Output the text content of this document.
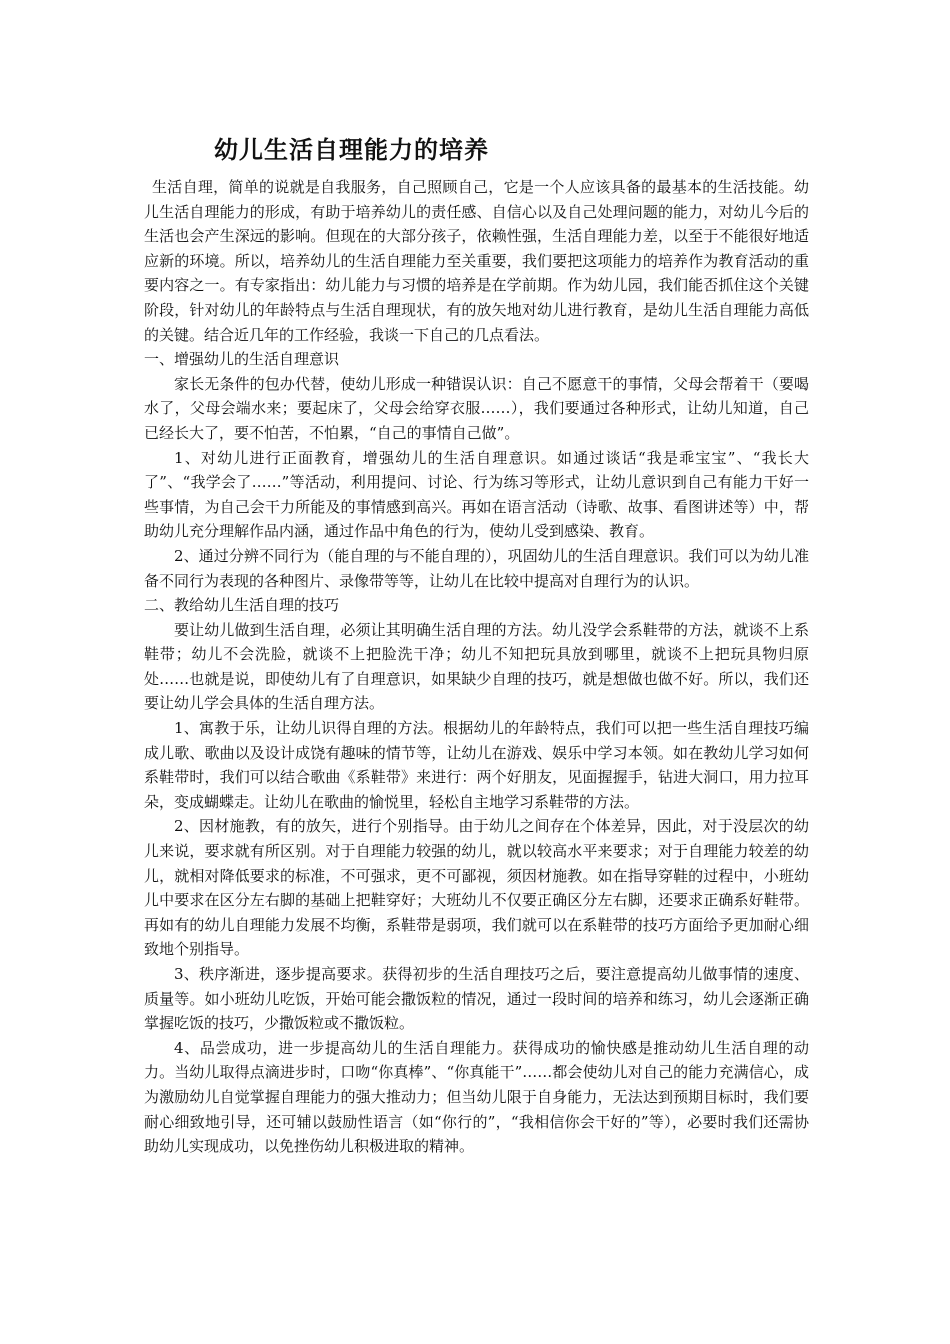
幼儿生活自理能力的培养

生活自理，简单的说就是自我服务，自己照顾自己，它是一个人应该具备的最基本的生活技能。幼儿生活自理能力的形成，有助于培养幼儿的责任感、自信心以及自己处理问题的能力，对幼儿今后的生活也会产生深远的影响。但现在的大部分孩子，依赖性强，生活自理能力差，以至于不能很好地适应新的环境。所以，培养幼儿的生活自理能力至关重要，我们要把这项能力的培养作为教育活动的重要内容之一。有专家指出：幼儿能力与习惯的培养是在学前期。作为幼儿园，我们能否抓住这个关键阶段，针对幼儿的年龄特点与生活自理现状，有的放矢地对幼儿进行教育，是幼儿生活自理能力高低的关键。结合近几年的工作经验，我谈一下自己的几点看法。

一、增强幼儿的生活自理意识

家长无条件的包办代替，使幼儿形成一种错误认识：自己不愿意干的事情，父母会帮着干（要喝水了，父母会端水来；要起床了，父母会给穿衣服……），我们要通过各种形式，让幼儿知道，自己已经长大了，要不怕苦，不怕累，“自己的事情自己做”。

1、对幼儿进行正面教育，增强幼儿的生活自理意识。如通过谈话“我是乖宝宝”、“我长大了”、“我学会了……”等活动，利用提问、讨论、行为练习等形式，让幼儿意识到自己有能力干好一些事情，为自己会干力所能及的事情感到高兴。再如在语言活动（诗歌、故事、看图讲述等）中，帮助幼儿充分理解作品内涵，通过作品中角色的行为，使幼儿受到感染、教育。

2、通过分辨不同行为（能自理的与不能自理的），巩固幼儿的生活自理意识。我们可以为幼儿准备不同行为表现的各种图片、录像带等等，让幼儿在比较中提高对自理行为的认识。

二、教给幼儿生活自理的技巧

要让幼儿做到生活自理，必须让其明确生活自理的方法。幼儿没学会系鞋带的方法，就谈不上系鞋带；幼儿不会洗脸，就谈不上把脸洗干净；幼儿不知把玩具放到哪里，就谈不上把玩具物归原处……也就是说，即使幼儿有了自理意识，如果缺少自理的技巧，就是想做也做不好。所以，我们还要让幼儿学会具体的生活自理方法。

1、寓教于乐，让幼儿识得自理的方法。根据幼儿的年龄特点，我们可以把一些生活自理技巧编成儿歌、歌曲以及设计成饶有趣味的情节等，让幼儿在游戏、娱乐中学习本领。如在教幼儿学习如何系鞋带时，我们可以结合歌曲《系鞋带》来进行：两个好朋友，见面握握手，钻进大洞口，用力拉耳朵，变成蝴蝶走。让幼儿在歌曲的愉悦里，轻松自主地学习系鞋带的方法。

2、因材施教，有的放矢，进行个别指导。由于幼儿之间存在个体差异，因此，对于没层次的幼儿来说，要求就有所区别。对于自理能力较强的幼儿，就以较高水平来要求；对于自理能力较差的幼儿，就相对降低要求的标准，不可强求，更不可鄙视，须因材施教。如在指导穿鞋的过程中，小班幼儿中要求在区分左右脚的基础上把鞋穿好；大班幼儿不仅要正确区分左右脚，还要求正确系好鞋带。再如有的幼儿自理能力发展不均衡，系鞋带是弱项，我们就可以在系鞋带的技巧方面给予更加耐心细致地个别指导。

3、秩序渐进，逐步提高要求。获得初步的生活自理技巧之后，要注意提高幼儿做事情的速度、质量等。如小班幼儿吃饭，开始可能会撒饭粒的情况，通过一段时间的培养和练习，幼儿会逐渐正确掌握吃饭的技巧，少撒饭粒或不撒饭粒。

4、品尝成功，进一步提高幼儿的生活自理能力。获得成功的愉快感是推动幼儿生活自理的动力。当幼儿取得点滴进步时，口吻“你真棒”、“你真能干”……都会使幼儿对自己的能力充满信心，成为激励幼儿自觉掌握自理能力的强大推动力；但当幼儿限于自身能力，无法达到预期目标时，我们要耐心细致地引导，还可辅以鼓励性语言（如“你行的”，“我相信你会干好的”等），必要时我们还需协助幼儿实现成功，以免挫伤幼儿积极进取的精神。
